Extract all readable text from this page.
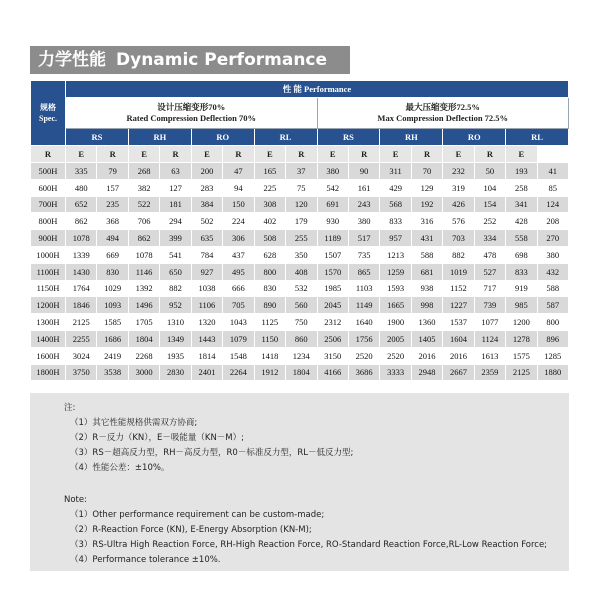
力学性能 Dynamic Performance
规格
Spec.	性 能 Performance															
	设计压缩变形70%
Rated Compression Deflection 70%								最大压缩变形72.5%
Max Compression Deflection 72.5%							
	RS		RH		RO		RL		RS		RH		RO		RL	
R	E	R	E	R	E	R	E	R	E	R	E	R	E	R	E	
500H	335	79	268	63	200	47	165	37	380	90	311	70	232	50	193	41
600H	480	157	382	127	283	94	225	75	542	161	429	129	319	104	258	85
700H	652	235	522	181	384	150	308	120	691	243	568	192	426	154	341	124
800H	862	368	706	294	502	224	402	179	930	380	833	316	576	252	428	208
900H	1078	494	862	399	635	306	508	255	1189	517	957	431	703	334	558	270
1000H	1339	669	1078	541	784	437	628	350	1507	735	1213	588	882	478	698	380
1100H	1430	830	1146	650	927	495	800	408	1570	865	1259	681	1019	527	833	432
1150H	1764	1029	1392	882	1038	666	830	532	1985	1103	1593	938	1152	717	919	588
1200H	1846	1093	1496	952	1106	705	890	560	2045	1149	1665	998	1227	739	985	587
1300H	2125	1585	1705	1310	1320	1043	1125	750	2312	1640	1900	1360	1537	1077	1200	800
1400H	2255	1686	1804	1349	1443	1079	1150	860	2506	1756	2005	1405	1604	1124	1278	896
1600H	3024	2419	2268	1935	1814	1548	1418	1234	3150	2520	2520	2016	2016	1613	1575	1285
1800H	3750	3538	3000	2830	2401	2264	1912	1804	4166	3686	3333	2948	2667	2359	2125	1880
注:
（1）其它性能规格供需双方协商;
（2）R－反力（KN），E－吸能量（KN－M）;
（3）RS－超高反力型，RH－高反力型，R0－标准反力型，RL－低反力型;
（4）性能公差：±10%。
Note:
（1）Other performance requirement can be custom-made;
（2）R-Reaction Force (KN), E-Energy Absorption (KN-M);
（3）RS-Ultra High Reaction Force, RH-High Reaction Force, RO-Standard Reaction Force,RL-Low Reaction Force;
（4）Performance tolerance ±10%.
